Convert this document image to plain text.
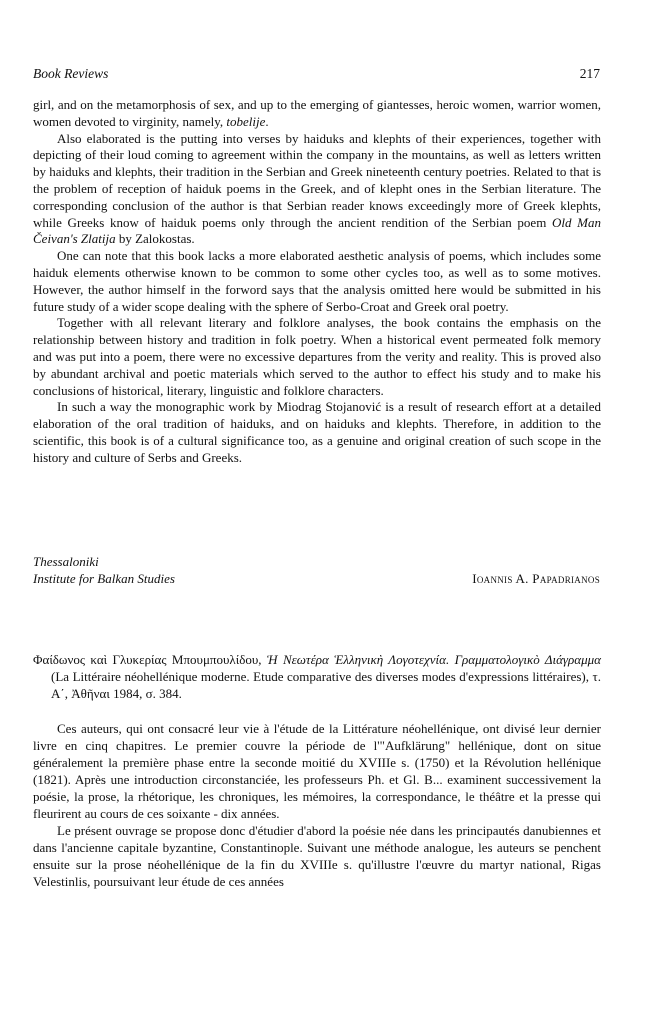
Book Reviews	217

girl, and on the metamorphosis of sex, and up to the emerging of giantesses, heroic women, warrior women, women devoted to virginity, namely, tobelije.

Also elaborated is the putting into verses by haiduks and klephts of their experiences, together with depicting of their loud coming to agreement within the company in the mountains, as well as letters written by haiduks and klephts, their tradition in the Serbian and Greek nineteenth century poetries. Related to that is the problem of reception of haiduk poems in the Greek, and of klepht ones in the Serbian literature. The corresponding conclusion of the author is that Serbian reader knows exceedingly more of Greek klephts, while Greeks know of haiduk poems only through the ancient rendition of the Serbian poem Old Man Čeivan's Zlatija by Zalokostas.

One can note that this book lacks a more elaborated aesthetic analysis of poems, which includes some haiduk elements otherwise known to be common to some other cycles too, as well as to some motives. However, the author himself in the forword says that the analysis omitted here would be submitted in his future study of a wider scope dealing with the sphere of Serbo-Croat and Greek oral poetry.

Together with all relevant literary and folklore analyses, the book contains the emphasis on the relationship between history and tradition in folk poetry. When a historical event permeated folk memory and was put into a poem, there were no excessive departures from the verity and reality. This is proved also by abundant archival and poetic materials which served to the author to effect his study and to make his conclusions of historical, literary, linguistic and folklore characters.

In such a way the monographic work by Miodrag Stojanović is a result of research effort at a detailed elaboration of the oral tradition of haiduks, and on haiduks and klephts. Therefore, in addition to the scientific, this book is of a cultural significance too, as a genuine and original creation of such scope in the history and culture of Serbs and Greeks.

Thessaloniki
Institute for Balkan Studies	Ioannis A. Papadrianos

Φαίδωνος καὶ Γλυκερίας Μπουμπουλίδου, Ἡ Νεωτέρα Ἑλληνικὴ Λογοτεχνία. Γραμματολογικὸ Διάγραμμα (La Littéraire néohellénique moderne. Etude comparative des diverses modes d'expressions littéraires), τ. Α΄, Ἀθῆναι 1984, σ. 384.

Ces auteurs, qui ont consacré leur vie à l'étude de la Littérature néohellénique, ont divisé leur dernier livre en cinq chapitres. Le premier couvre la période de l'"Aufklärung" hellénique, dont on situe généralement la première phase entre la seconde moitié du XVIIIe s. (1750) et la Révolution hellénique (1821). Après une introduction circonstanciée, les professeurs Ph. et Gl. B... examinent successivement la poésie, la prose, la rhétorique, les chroniques, les mémoires, la correspondance, le théâtre et la presse qui fleurirent au cours de ces soixante - dix années.

Le présent ouvrage se propose donc d'étudier d'abord la poésie née dans les principautés danubiennes et dans l'ancienne capitale byzantine, Constantinople. Suivant une méthode analogue, les auteurs se penchent ensuite sur la prose néohellénique de la fin du XVIIIe s. qu'illustre l'œuvre du martyr national, Rigas Velestinlis, poursuivant leur étude de ces années
